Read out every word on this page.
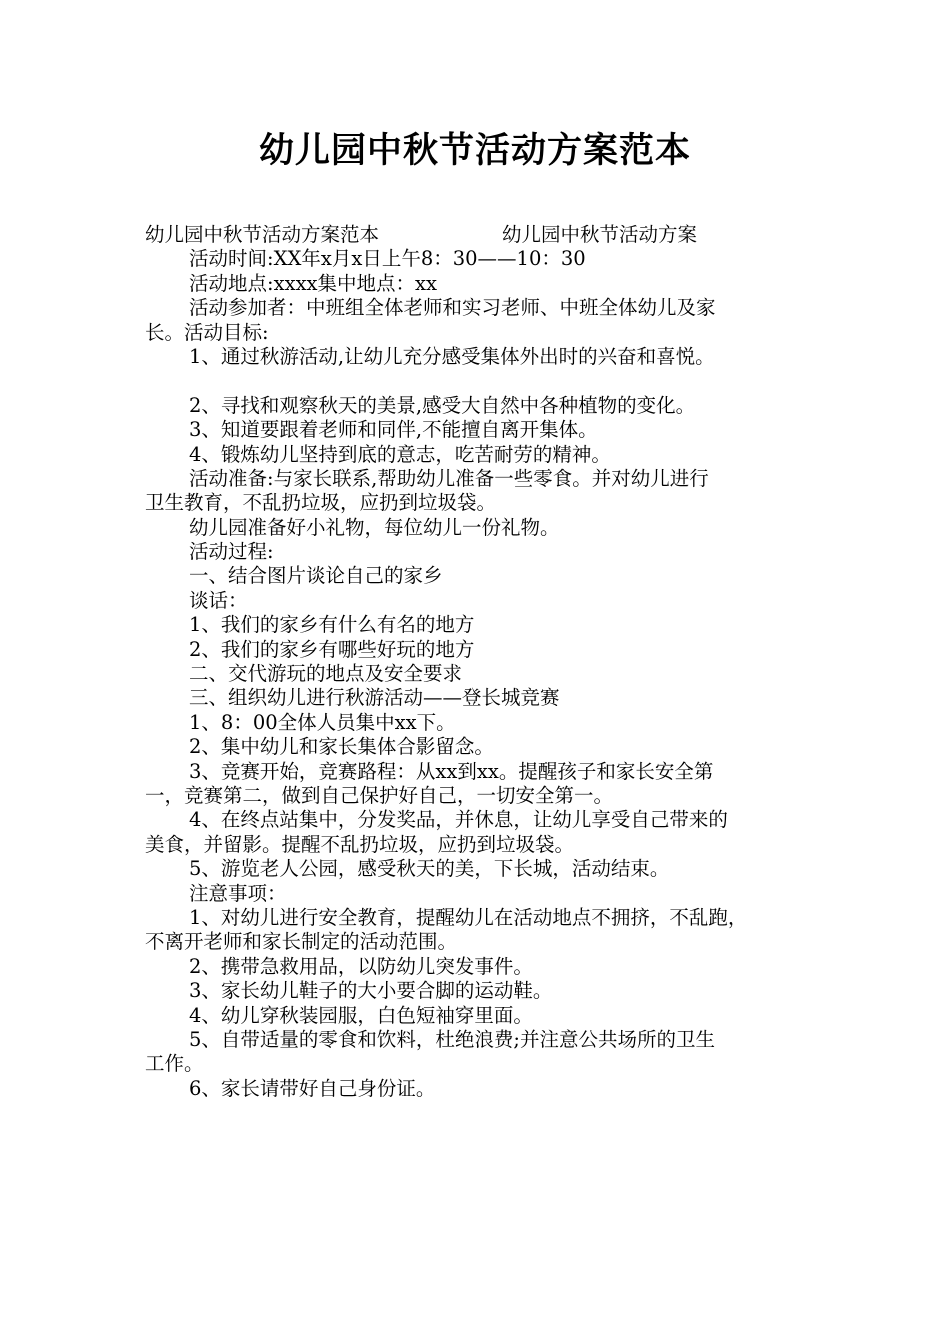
幼儿园中秋节活动方案范本
幼儿园中秋节活动方案范本	幼儿园中秋节活动方案
活动时间:XX年x月x日上午8：30——10：30
活动地点:xxxx集中地点：xx
活动参加者：中班组全体老师和实习老师、中班全体幼儿及家
长。活动目标:
1、通过秋游活动,让幼儿充分感受集体外出时的兴奋和喜悦。
2、寻找和观察秋天的美景,感受大自然中各种植物的变化。
3、知道要跟着老师和同伴,不能擅自离开集体。
4、锻炼幼儿坚持到底的意志，吃苦耐劳的精神。
活动准备:与家长联系,帮助幼儿准备一些零食。并对幼儿进行
卫生教育，不乱扔垃圾，应扔到垃圾袋。
幼儿园准备好小礼物，每位幼儿一份礼物。
活动过程:
一、结合图片谈论自己的家乡
谈话：
1、我们的家乡有什么有名的地方
2、我们的家乡有哪些好玩的地方
二、交代游玩的地点及安全要求
三、组织幼儿进行秋游活动——登长城竞赛
1、8：00全体人员集中xx下。
2、集中幼儿和家长集体合影留念。
3、竞赛开始，竞赛路程：从xx到xx。提醒孩子和家长安全第
一，竞赛第二，做到自己保护好自己，一切安全第一。
4、在终点站集中，分发奖品，并休息，让幼儿享受自己带来的
美食，并留影。提醒不乱扔垃圾，应扔到垃圾袋。
5、游览老人公园，感受秋天的美，下长城，活动结束。
注意事项：
1、对幼儿进行安全教育，提醒幼儿在活动地点不拥挤，不乱跑，
不离开老师和家长制定的活动范围。
2、携带急救用品，以防幼儿突发事件。
3、家长幼儿鞋子的大小要合脚的运动鞋。
4、幼儿穿秋装园服，白色短袖穿里面。
5、自带适量的零食和饮料，杜绝浪费;并注意公共场所的卫生
工作。
6、家长请带好自己身份证。
